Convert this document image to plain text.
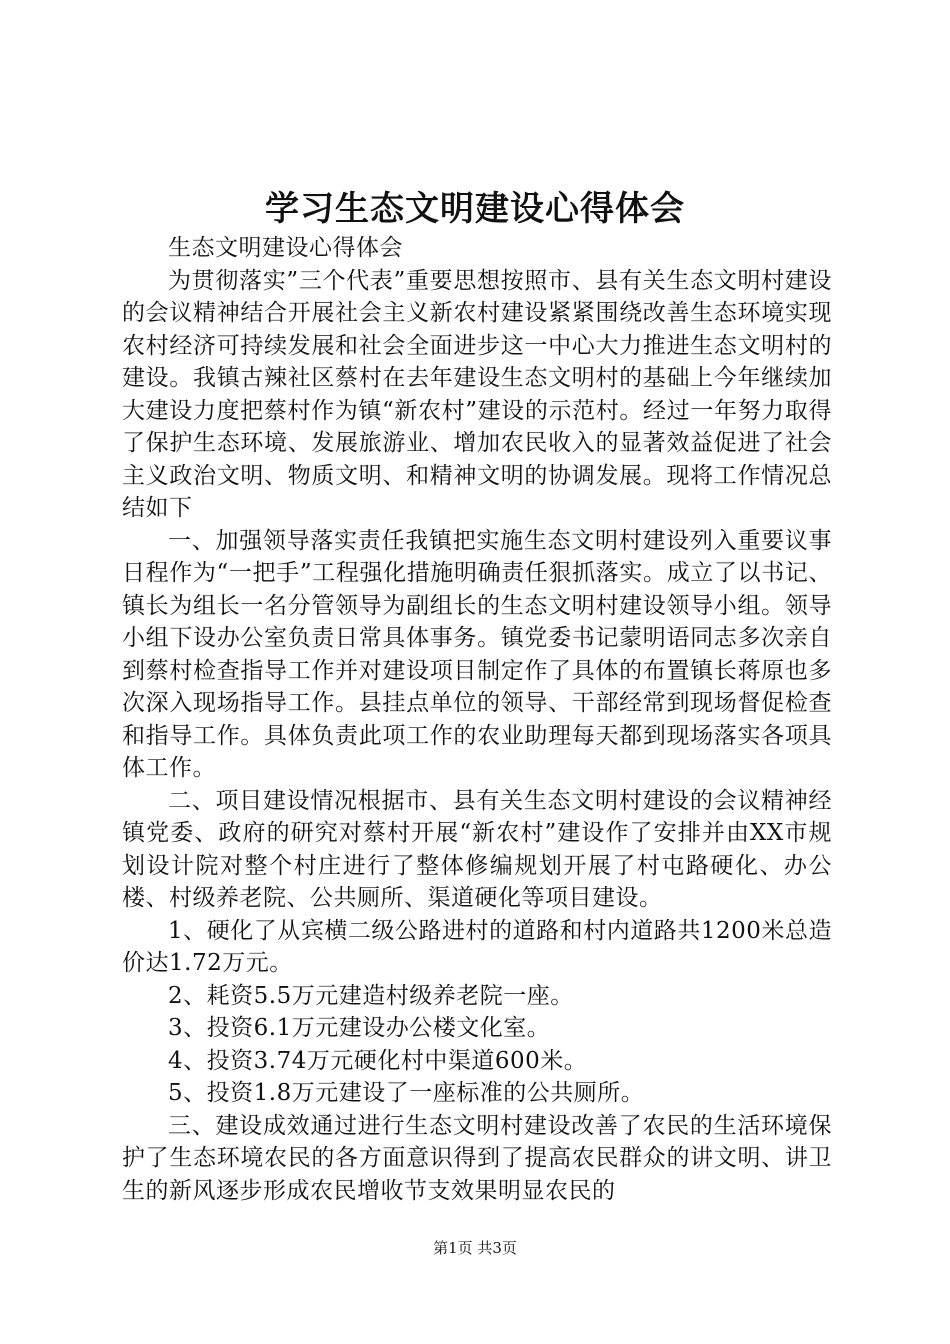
学习生态文明建设心得体会

生态文明建设心得体会

为贯彻落实”三个代表”重要思想按照市、县有关生态文明村建设的会议精神结合开展社会主义新农村建设紧紧围绕改善生态环境实现农村经济可持续发展和社会全面进步这一中心大力推进生态文明村的建设。我镇古辣社区蔡村在去年建设生态文明村的基础上今年继续加大建设力度把蔡村作为镇“新农村”建设的示范村。经过一年努力取得了保护生态环境、发展旅游业、增加农民收入的显著效益促进了社会主义政治文明、物质文明、和精神文明的协调发展。现将工作情况总结如下

一、加强领导落实责任我镇把实施生态文明村建设列入重要议事日程作为“一把手”工程强化措施明确责任狠抓落实。成立了以书记、镇长为组长一名分管领导为副组长的生态文明村建设领导小组。领导小组下设办公室负责日常具体事务。镇党委书记蒙明语同志多次亲自到蔡村检查指导工作并对建设项目制定作了具体的布置镇长蒋原也多次深入现场指导工作。县挂点单位的领导、干部经常到现场督促检查和指导工作。具体负责此项工作的农业助理每天都到现场落实各项具体工作。

二、项目建设情况根据市、县有关生态文明村建设的会议精神经镇党委、政府的研究对蔡村开展“新农村”建设作了安排并由XX市规划设计院对整个村庄进行了整体修编规划开展了村屯路硬化、办公楼、村级养老院、公共厕所、渠道硬化等项目建设。

1、硬化了从宾横二级公路进村的道路和村内道路共1200米总造价达1.72万元。

2、耗资5.5万元建造村级养老院一座。

3、投资6.1万元建设办公楼文化室。

4、投资3.74万元硬化村中渠道600米。

5、投资1.8万元建设了一座标准的公共厕所。

三、建设成效通过进行生态文明村建设改善了农民的生活环境保护了生态环境农民的各方面意识得到了提高农民群众的讲文明、讲卫生的新风逐步形成农民增收节支效果明显农民的

第1页 共3页
